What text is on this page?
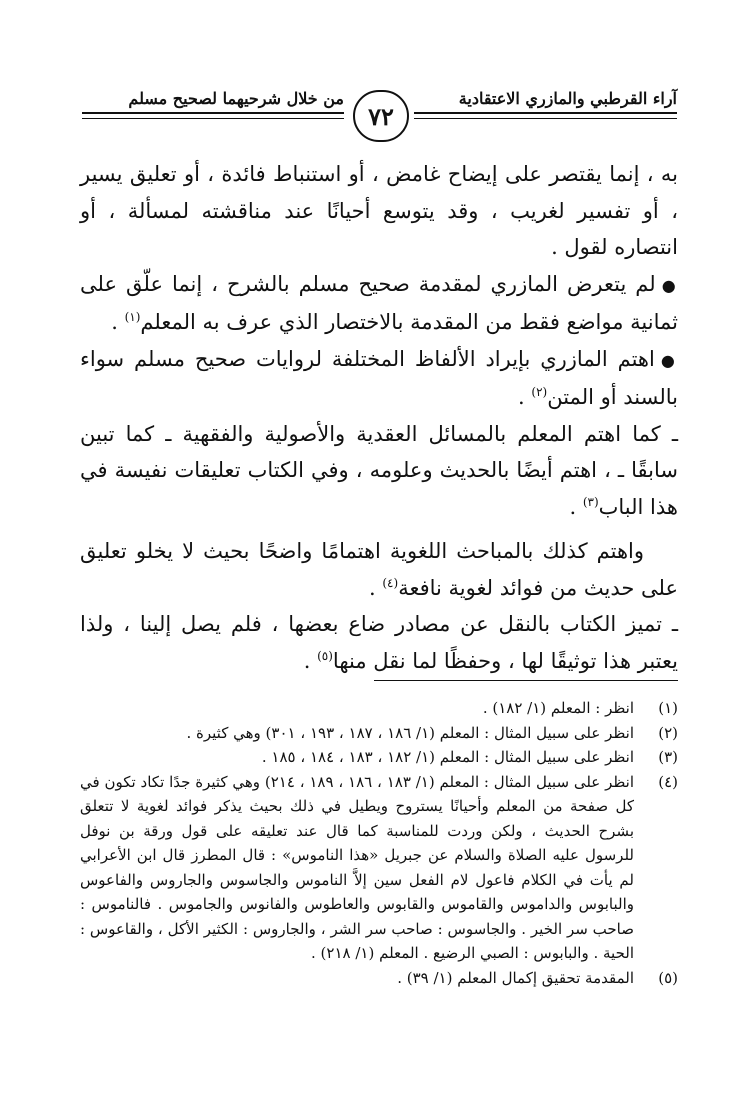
آراء القرطبي والمازري الاعتقادية
من خلال شرحيهما لصحيح مسلم
٧٢

به ، إنما يقتصر على إيضاح غامض ، أو استنباط فائدة ، أو تعليق يسير ، أو تفسير لغريب ، وقد يتوسع أحيانًا عند مناقشته لمسألة ، أو انتصاره لقول .

●لم يتعرض المازري لمقدمة صحيح مسلم بالشرح ، إنما علّق على ثمانية مواضع فقط من المقدمة بالاختصار الذي عرف به المعلم$^{(١)}$ .

●اهتم المازري بإيراد الألفاظ المختلفة لروايات صحيح مسلم سواء بالسند أو المتن$^{(٢)}$ .

ـ كما اهتم المعلم بالمسائل العقدية والأصولية والفقهية ـ كما تبين سابقًا ـ ، اهتم أيضًا بالحديث وعلومه ، وفي الكتاب تعليقات نفيسة في هذا الباب$^{(٣)}$ .

واهتم كذلك بالمباحث اللغوية اهتمامًا واضحًا بحيث لا يخلو تعليق على حديث من فوائد لغوية نافعة$^{(٤)}$ .

ـ تميز الكتاب بالنقل عن مصادر ضاع بعضها ، فلم يصل إلينا ، ولذا يعتبر هذا توثيقًا لها ، وحفظًا لما نقل منها$^{(٥)}$ .

(١)
انظر : المعلم (١/ ١٨٢) .
(٢)
انظر على سبيل المثال : المعلم (١/ ١٨٦ ، ١٨٧ ، ١٩٣ ، ٣٠١) وهي كثيرة .
(٣)
انظر على سبيل المثال : المعلم (١/ ١٨٢ ، ١٨٣ ، ١٨٤ ، ١٨٥ .
(٤)
انظر على سبيل المثال : المعلم (١/ ١٨٣ ، ١٨٦ ، ١٨٩ ، ٢١٤) وهي كثيرة جدًا تكاد تكون في كل صفحة من المعلم وأحيانًا يستروح ويطيل في ذلك بحيث يذكر فوائد لغوية لا تتعلق بشرح الحديث ، ولكن وردت للمناسبة كما قال عند تعليقه على قول ورقة بن نوفل للرسول عليه الصلاة والسلام عن جبريل «هذا الناموس» : قال المطرز قال ابن الأعرابي لم يأت في الكلام فاعول لام الفعل سين إلاَّ الناموس والجاسوس والجاروس والفاعوس والبابوس والداموس والقاموس والقابوس والعاطوس والفانوس والجاموس . فالناموس : صاحب سر الخير . والجاسوس : صاحب سر الشر ، والجاروس : الكثير الأكل ، والقاعوس : الحية . والبابوس : الصبي الرضيع . المعلم (١/ ٢١٨) .
(٥)
المقدمة تحقيق إكمال المعلم (١/ ٣٩) .
